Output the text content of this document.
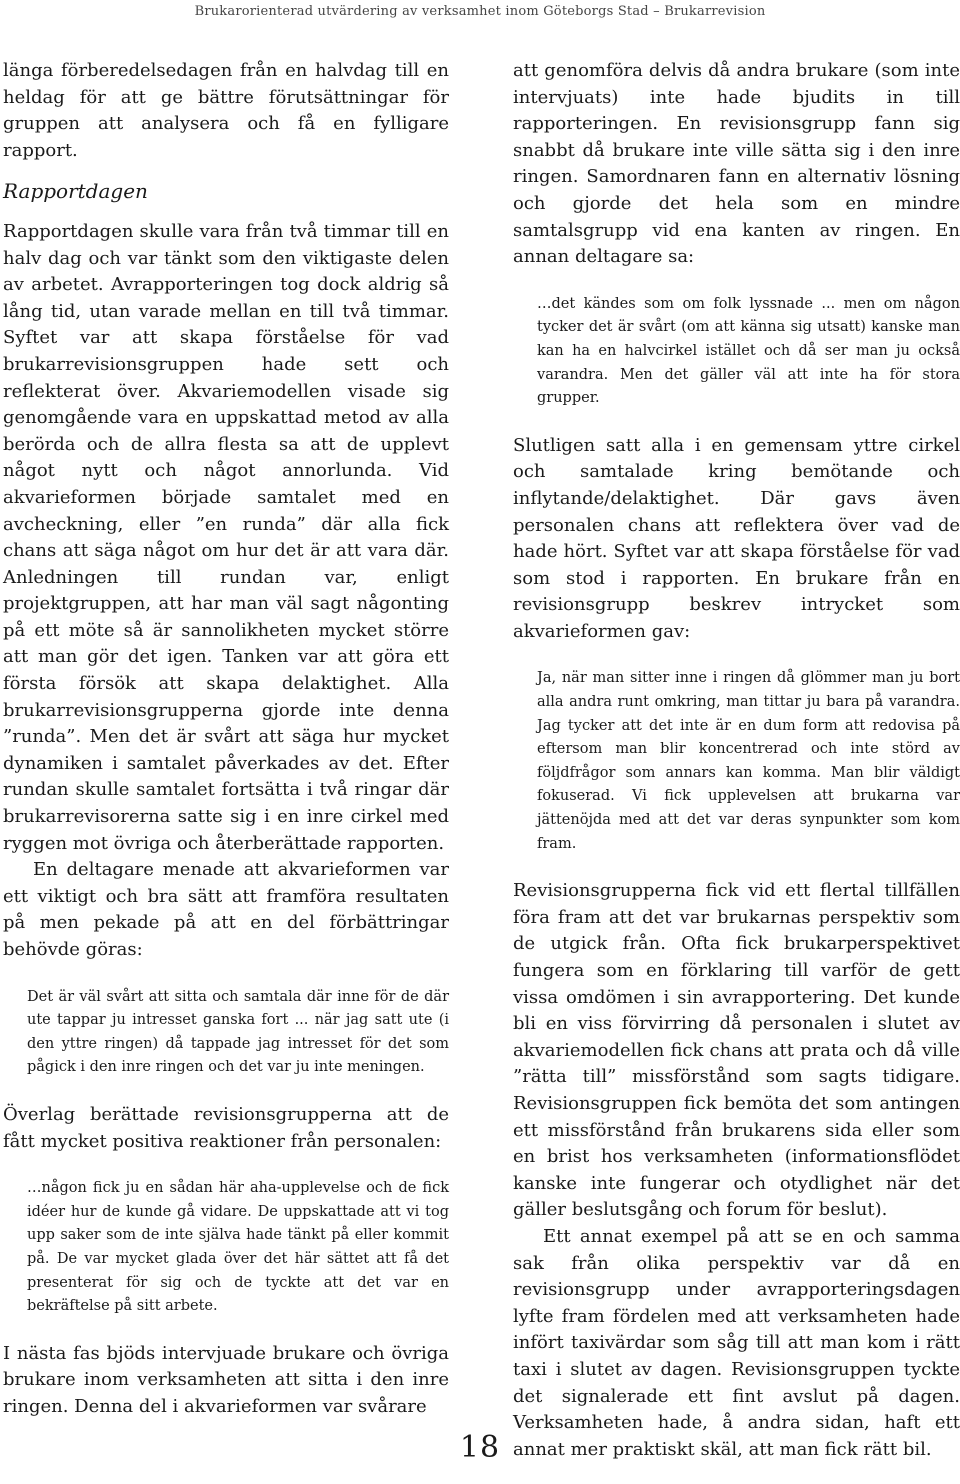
Brukarorienterad utvärdering av verksamhet inom Göteborgs Stad – Brukarrevision

länga förberedelsedagen från en halvdag till en heldag för att ge bättre förutsättningar för gruppen att analysera och få en fylligare rapport.

Rapportdagen

Rapportdagen skulle vara från två timmar till en halv dag och var tänkt som den viktigaste delen av arbetet. Avrapporteringen tog dock aldrig så lång tid, utan varade mellan en till två timmar. Syftet var att skapa förståelse för vad brukarrevisionsgruppen hade sett och reflekterat över. Akvariemodellen visade sig genomgående vara en uppskattad metod av alla berörda och de allra flesta sa att de upplevt något nytt och något annorlunda. Vid akvarieformen började samtalet med en avcheckning, eller ”en runda” där alla fick chans att säga något om hur det är att vara där. Anledningen till rundan var, enligt projektgruppen, att har man väl sagt någonting på ett möte så är sannolikheten mycket större att man gör det igen. Tanken var att göra ett första försök att skapa delaktighet. Alla brukarrevisionsgrupperna gjorde inte denna ”runda”. Men det är svårt att säga hur mycket dynamiken i samtalet påverkades av det. Efter rundan skulle samtalet fortsätta i två ringar där brukarrevisorerna satte sig i en inre cirkel med ryggen mot övriga och återberättade rapporten.

En deltagare menade att akvarieformen var ett viktigt och bra sätt att framföra resultaten på men pekade på att en del förbättringar behövde göras:

Det är väl svårt att sitta och samtala där inne för de där ute tappar ju intresset ganska fort ... när jag satt ute (i den yttre ringen) då tappade jag intresset för det som pågick i den inre ringen och det var ju inte meningen.

Överlag berättade revisionsgrupperna att de fått mycket positiva reaktioner från personalen:

…någon fick ju en sådan här aha-upplevelse och de fick idéer hur de kunde gå vidare. De uppskattade att vi tog upp saker som de inte själva hade tänkt på eller kommit på. De var mycket glada över det här sättet att få det presenterat för sig och de tyckte att det var en bekräftelse på sitt arbete.

I nästa fas bjöds intervjuade brukare och övriga brukare inom verksamheten att sitta i den inre ringen. Denna del i akvarieformen var svårare

att genomföra delvis då andra brukare (som inte intervjuats) inte hade bjudits in till rapporteringen. En revisionsgrupp fann sig snabbt då brukare inte ville sätta sig i den inre ringen. Samordnaren fann en alternativ lösning och gjorde det hela som en mindre samtalsgrupp vid ena kanten av ringen. En annan deltagare sa:

…det kändes som om folk lyssnade ... men om någon tycker det är svårt (om att känna sig utsatt) kanske man kan ha en halvcirkel istället och då ser man ju också varandra. Men det gäller väl att inte ha för stora grupper.

Slutligen satt alla i en gemensam yttre cirkel och samtalade kring bemötande och inflytande/delaktighet. Där gavs även personalen chans att reflektera över vad de hade hört. Syftet var att skapa förståelse för vad som stod i rapporten. En brukare från en revisionsgrupp beskrev intrycket som akvarieformen gav:

Ja, när man sitter inne i ringen då glömmer man ju bort alla andra runt omkring, man tittar ju bara på varandra. Jag tycker att det inte är en dum form att redovisa på eftersom man blir koncentrerad och inte störd av följdfrågor som annars kan komma. Man blir väldigt fokuserad. Vi fick upplevelsen att brukarna var jättenöjda med att det var deras synpunkter som kom fram.

Revisionsgrupperna fick vid ett flertal tillfällen föra fram att det var brukarnas perspektiv som de utgick från. Ofta fick brukarperspektivet fungera som en förklaring till varför de gett vissa omdömen i sin avrapportering. Det kunde bli en viss förvirring då personalen i slutet av akvariemodellen fick chans att prata och då ville ”rätta till” missförstånd som sagts tidigare. Revisionsgruppen fick bemöta det som antingen ett missförstånd från brukarens sida eller som en brist hos verksamheten (informationsflödet kanske inte fungerar och otydlighet när det gäller beslutsgång och forum för beslut).

Ett annat exempel på att se en och samma sak från olika perspektiv var då en revisionsgrupp under avrapporteringsdagen lyfte fram fördelen med att verksamheten hade infört taxivärdar som såg till att man kom i rätt taxi i slutet av dagen. Revisionsgruppen tyckte det signalerade ett fint avslut på dagen. Verksamheten hade, å andra sidan, haft ett annat mer praktiskt skäl, att man fick rätt bil.

18
